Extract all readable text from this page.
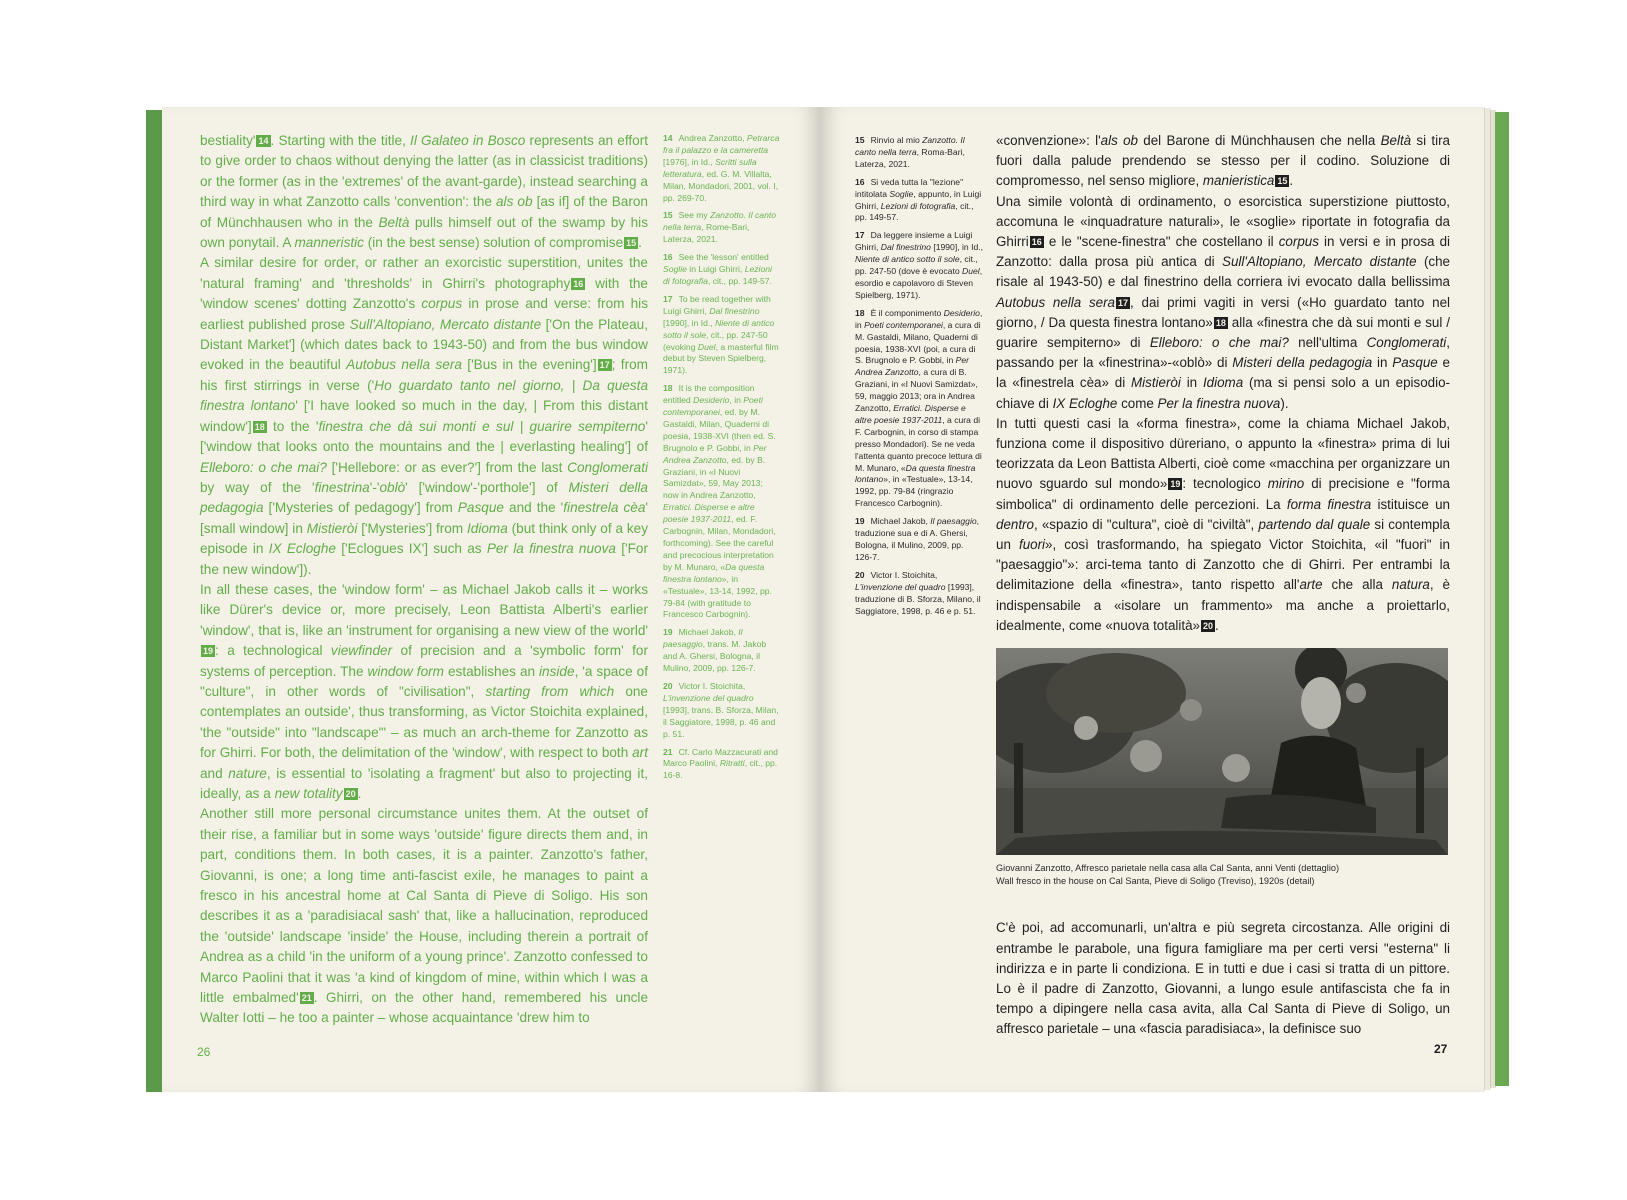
bestiality' 14 . Starting with the title, Il Galateo in Bosco represents an effort to give order to chaos without denying the latter (as in classicist traditions) or the former (as in the 'extremes' of the avant-garde), instead searching a third way in what Zanzotto calls 'convention': the als ob [as if] of the Baron of Münchhausen who in the Beltà pulls himself out of the swamp by his own ponytail. A manneristic (in the best sense) solution of compromise 15 .

A similar desire for order, or rather an exorcistic superstition, unites the 'natural framing' and 'thresholds' in Ghirri's photography 16 with the 'window scenes' dotting Zanzotto's corpus in prose and verse: from his earliest published prose Sull'Altopiano, Mercato distante ['On the Plateau, Distant Market'] (which dates back to 1943-50) and from the bus window evoked in the beautiful Autobus nella sera ['Bus in the evening'] 17 ; from his first stirrings in verse ('Ho guardato tanto nel giorno, | Da questa finestra lontano' ['I have looked so much in the day, | From this distant window'] 18 to the 'finestra che dà sui monti e sul | guarire sempiterno' ['window that looks onto the mountains and the | everlasting healing'] of Elleboro: o che mai? ['Hellebore: or as ever?'] from the last Conglomerati by way of the 'finestrina'-'oblò' ['window'-'porthole'] of Misteri della pedagogia ['Mysteries of pedagogy'] from Pasque and the 'finestrela cèa' [small window] in Mistieròi ['Mysteries'] from Idioma (but think only of a key episode in IX Ecloghe ['Eclogues IX'] such as Per la finestra nuova ['For the new window']).

In all these cases, the 'window form' – as Michael Jakob calls it – works like Dürer's device or, more precisely, Leon Battista Alberti's earlier 'window', that is, like an 'instrument for organising a new view of the world'19 : a technological viewfinder of precision and a 'symbolic form' for systems of perception. The window form establishes an inside, 'a space of "culture", in other words of "civilisation", starting from which one contemplates an outside', thus transforming, as Victor Stoichita explained, 'the "outside" into "landscape"' – as much an arch-theme for Zanzotto as for Ghirri. For both, the delimitation of the 'window', with respect to both art and nature, is essential to 'isolating a fragment' but also to projecting it, ideally, as a new totality 20 .

Another still more personal circumstance unites them. At the outset of their rise, a familiar but in some ways 'outside' figure directs them and, in part, conditions them. In both cases, it is a painter. Zanzotto's father, Giovanni, is one; a long time anti-fascist exile, he manages to paint a fresco in his ancestral home at Cal Santa di Pieve di Soligo. His son describes it as a 'paradisiacal sash' that, like a hallucination, reproduced the 'outside' landscape 'inside' the House, including therein a portrait of Andrea as a child 'in the uniform of a young prince'. Zanzotto confessed to Marco Paolini that it was 'a kind of kingdom of mine, within which I was a little embalmed' 21 . Ghirri, on the other hand, remembered his uncle Walter Iotti – he too a painter – whose acquaintance 'drew him to

14 Andrea Zanzotto, Petrarca fra il palazzo e la cameretta [1976], in Id., Scritti sulla letteratura, ed. G. M. Villalta, Milan, Mondadori, 2001, vol. I, pp. 269-70.
15 See my Zanzotto. Il canto nella terra, Rome-Bari, Laterza, 2021.
16 See the 'lesson' entitled Soglie in Luigi Ghirri, Lezioni di fotografia, cit., pp. 149-57.
17 To be read together with Luigi Ghirri, Dal finestrino [1990], in Id., Niente di antico sotto il sole, cit., pp. 247-50 (evoking Duel, a masterful film debut by Steven Spielberg, 1971).
18 It is the composition entitled Desiderio, in Poeti contemporanei, ed. by M. Gastaldi, Milan, Quaderni di poesia, 1938-XVI (then ed. S. Brugnolo e P. Gobbi, in Per Andrea Zanzotto, ed. by B. Graziani, in «I Nuovi Samizdat», 59, May 2013; now in Andrea Zanzotto, Erratici. Disperse e altre poesie 1937-2011, ed. F. Carbognin, Milan, Mondadori, forthcoming). See the careful and precocious interpretation by M. Munaro, «Da questa finestra lontano», in «Testuale», 13-14, 1992, pp. 79-84 (with gratitude to Francesco Carbognin).
19 Michael Jakob, Il paesaggio, trans. M. Jakob and A. Ghersi, Bologna, il Mulino, 2009, pp. 126-7.
20 Victor I. Stoichita, L'invenzione del quadro [1993], trans. B. Sforza, Milan, il Saggiatore, 1998, p. 46 and p. 51.
21 Cf. Carlo Mazzacurati and Marco Paolini, Ritratti, cit., pp. 16-8.
26
15 Rinvio al mio Zanzotto. Il canto nella terra, Roma-Bari, Laterza, 2021.
16 Si veda tutta la "lezione" intitolata Soglie, appunto, in Luigi Ghirri, Lezioni di fotografia, cit., pp. 149-57.
17 Da leggere insieme a Luigi Ghirri, Dal finestrino [1990], in Id., Niente di antico sotto il sole, cit., pp. 247-50 (dove è evocato Duel, esordio e capolavoro di Steven Spielberg, 1971).
18 È il componimento Desiderio, in Poeti contemporanei, a cura di M. Gastaldi, Milano, Quaderni di poesia, 1938-XVI (poi, a cura di S. Brugnolo e P. Gobbi, in Per Andrea Zanzotto, a cura di B. Graziani, in «I Nuovi Samizdat», 59, maggio 2013; ora in Andrea Zanzotto, Erratici. Disperse e altre poesie 1937-2011, a cura di F. Carbognin, in corso di stampa presso Mondadori). Se ne veda l'attenta quanto precoce lettura di M. Munaro, «Da questa finestra lontano», in «Testuale», 13-14, 1992, pp. 79-84 (ringrazio Francesco Carbognin).
19 Michael Jakob, Il paesaggio, traduzione sua e di A. Ghersi, Bologna, il Mulino, 2009, pp. 126-7.
20 Victor I. Stoichita, L'invenzione del quadro [1993], traduzione di B. Sforza, Milano, il Saggiatore, 1998, p. 46 e p. 51.

«convenzione»: l'als ob del Barone di Münchhausen che nella Beltà si tira fuori dalla palude prendendo se stesso per il codino. Soluzione di compromesso, nel senso migliore, manieristica 15 .

Una simile volontà di ordinamento, o esorcistica superstizione piuttosto, accomuna le «inquadrature naturali», le «soglie» riportate in fotografia da Ghirri 16 e le "scene-finestra" che costellano il corpus in versi e in prosa di Zanzotto: dalla prosa più antica di Sull'Altopiano, Mercato distante (che risale al 1943-50) e dal finestrino della corriera ivi evocato dalla bellissima Autobus nella sera 17 , dai primi vagiti in versi («Ho guardato tanto nel giorno, / Da questa finestra lontano» 18 alla «finestra che dà sui monti e sul / guarire sempiterno» di Elleboro: o che mai? nell'ultima Conglomerati, passando per la «finestrina»-«oblò» di Misteri della pedagogia in Pasque e la «finestrela cèa» di Mistieròi in Idioma (ma si pensi solo a un episodio-chiave di IX Ecloghe come Per la finestra nuova).

In tutti questi casi la «forma finestra», come la chiama Michael Jakob, funziona come il dispositivo düreriano, o appunto la «finestra» prima di lui teorizzata da Leon Battista Alberti, cioè come «macchina per organizzare un nuovo sguardo sul mondo» 19 : tecnologico mirino di precisione e "forma simbolica" di ordinamento delle percezioni. La forma finestra istituisce un dentro, «spazio di "cultura", cioè di "civiltà", partendo dal quale si contempla un fuori», così trasformando, ha spiegato Victor Stoichita, «il "fuori" in "paesaggio"»: arci-tema tanto di Zanzotto che di Ghirri. Per entrambi la delimitazione della «finestra», tanto rispetto all'arte che alla natura, è indispensabile a «isolare un frammento» ma anche a proiettarlo, idealmente, come «nuova totalità» 20 .

Giovanni Zanzotto, Affresco parietale nella casa alla Cal Santa, anni Venti (dettaglio)
Wall fresco in the house on Cal Santa, Pieve di Soligo (Treviso), 1920s (detail)

C'è poi, ad accomunarli, un'altra e più segreta circostanza. Alle origini di entrambe le parabole, una figura famigliare ma per certi versi "esterna" li indirizza e in parte li condiziona. E in tutti e due i casi si tratta di un pittore. Lo è il padre di Zanzotto, Giovanni, a lungo esule antifascista che fa in tempo a dipingere nella casa avita, alla Cal Santa di Pieve di Soligo, un affresco parietale – una «fascia paradisiaca», la definisce suo

27
